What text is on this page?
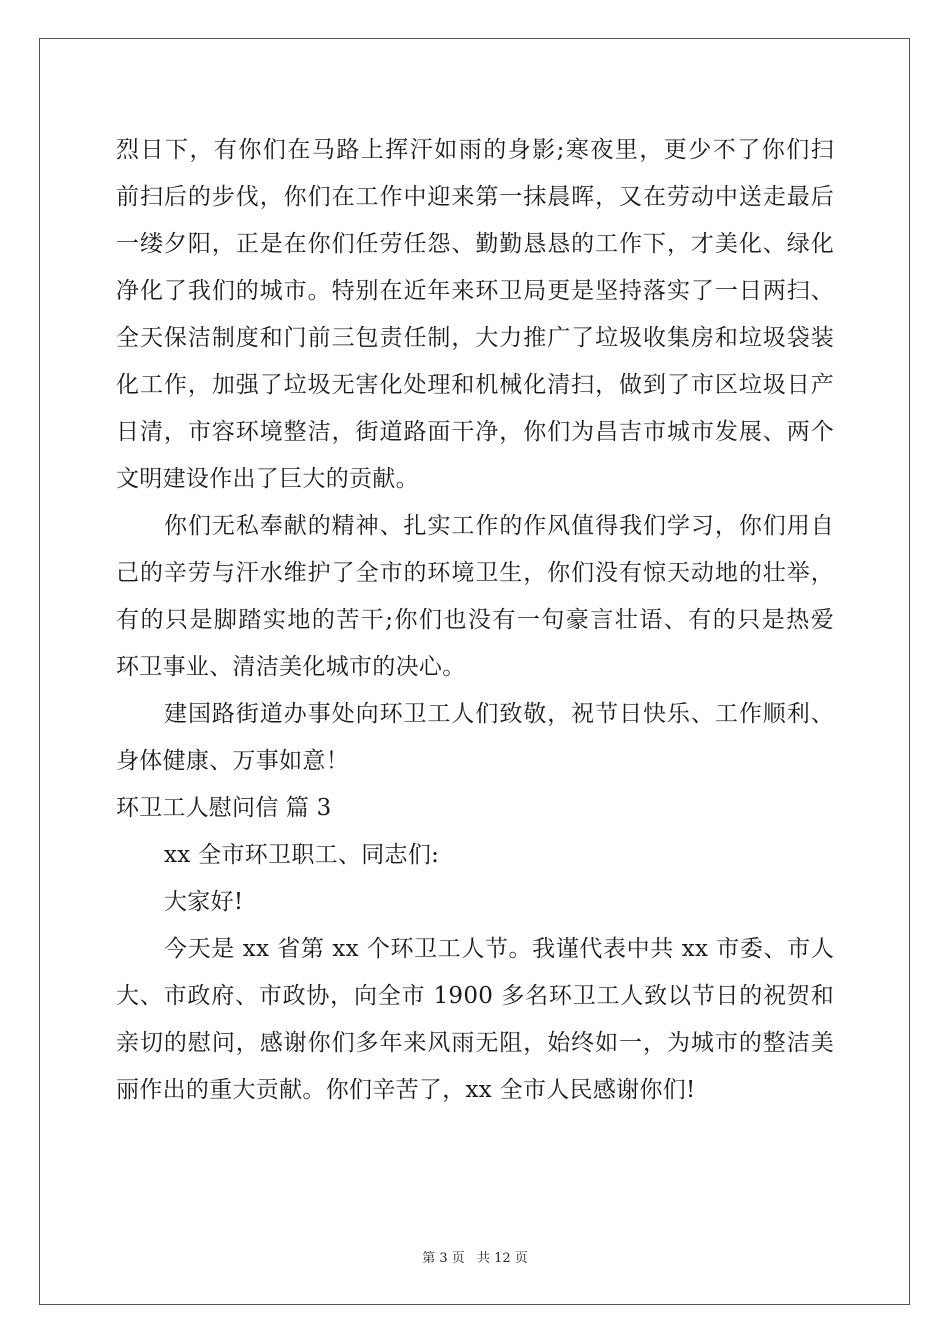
烈日下，有你们在马路上挥汗如雨的身影;寒夜里，更少不了你们扫
前扫后的步伐，你们在工作中迎来第一抹晨晖，又在劳动中送走最后
一缕夕阳，正是在你们任劳任怨、勤勤恳恳的工作下，才美化、绿化
净化了我们的城市。特别在近年来环卫局更是坚持落实了一日两扫、
全天保洁制度和门前三包责任制，大力推广了垃圾收集房和垃圾袋装
化工作，加强了垃圾无害化处理和机械化清扫，做到了市区垃圾日产
日清，市容环境整洁，街道路面干净，你们为昌吉市城市发展、两个
文明建设作出了巨大的贡献。
你们无私奉献的精神、扎实工作的作风值得我们学习，你们用自
己的辛劳与汗水维护了全市的环境卫生，你们没有惊天动地的壮举，
有的只是脚踏实地的苦干;你们也没有一句豪言壮语、有的只是热爱
环卫事业、清洁美化城市的决心。
建国路街道办事处向环卫工人们致敬，祝节日快乐、工作顺利、
身体健康、万事如意！
环卫工人慰问信 篇 3
xx 全市环卫职工、同志们:
大家好!
今天是 xx 省第 xx 个环卫工人节。我谨代表中共 xx 市委、市人
大、市政府、市政协，向全市 1900 多名环卫工人致以节日的祝贺和
亲切的慰问，感谢你们多年来风雨无阻，始终如一，为城市的整洁美
丽作出的重大贡献。你们辛苦了，xx 全市人民感谢你们!
第 3 页 共 12 页
